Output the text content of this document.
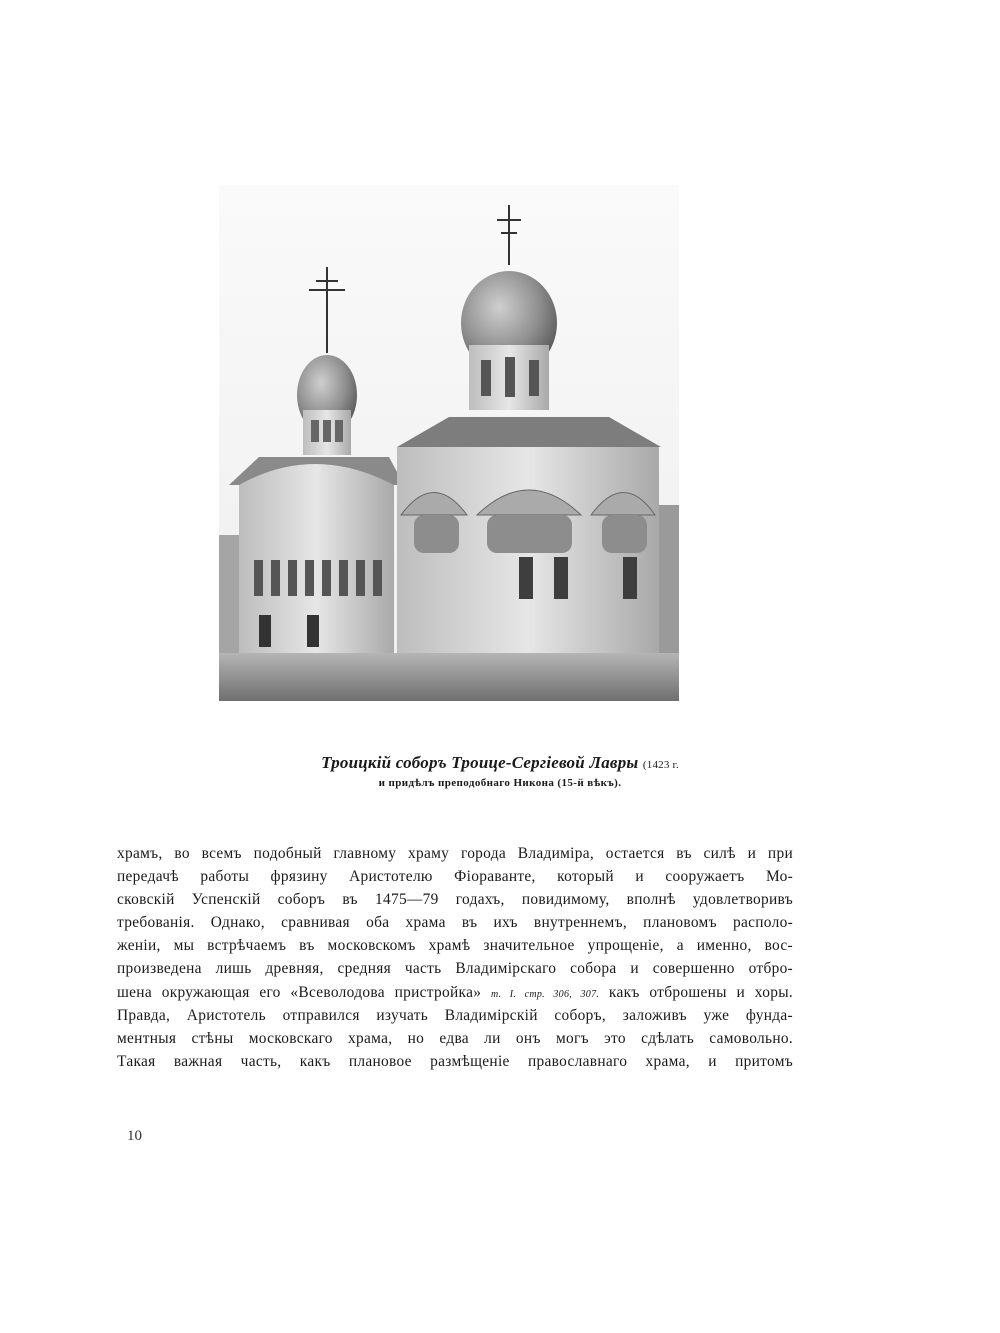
Троицкій соборъ Троице-Сергіевой Лавры (1423 г.
и придѣлъ преподобнаго Никона (15-й вѣкъ).
храмъ, во всемъ подобный главному храму города Владиміра, остается въ силѣ и при
передачѣ работы фрязину Аристотелю Фіораванте, который и сооружаетъ Мо-
сковскій Успенскій соборъ въ 1475—79 годахъ, повидимому, вполнѣ удовлетворивъ
требованія. Однако, сравнивая оба храма въ ихъ внутреннемъ, плановомъ располо-
женіи, мы встрѣчаемъ въ московскомъ храмѣ значительное упрощеніе, а именно, вос-
произведена лишь древняя, средняя часть Владимірскаго собора и совершенно отбро-
шена окружающая его «Всеволодова пристройка» т. I. стр. 306, 307. какъ отброшены и хоры.
Правда, Аристотель отправился изучать Владимірскій соборъ, заложивъ уже фунда-
ментныя стѣны московскаго храма, но едва ли онъ могъ это сдѣлать самовольно.
Такая важная часть, какъ плановое размѣщеніе православнаго храма, и притомъ
10
